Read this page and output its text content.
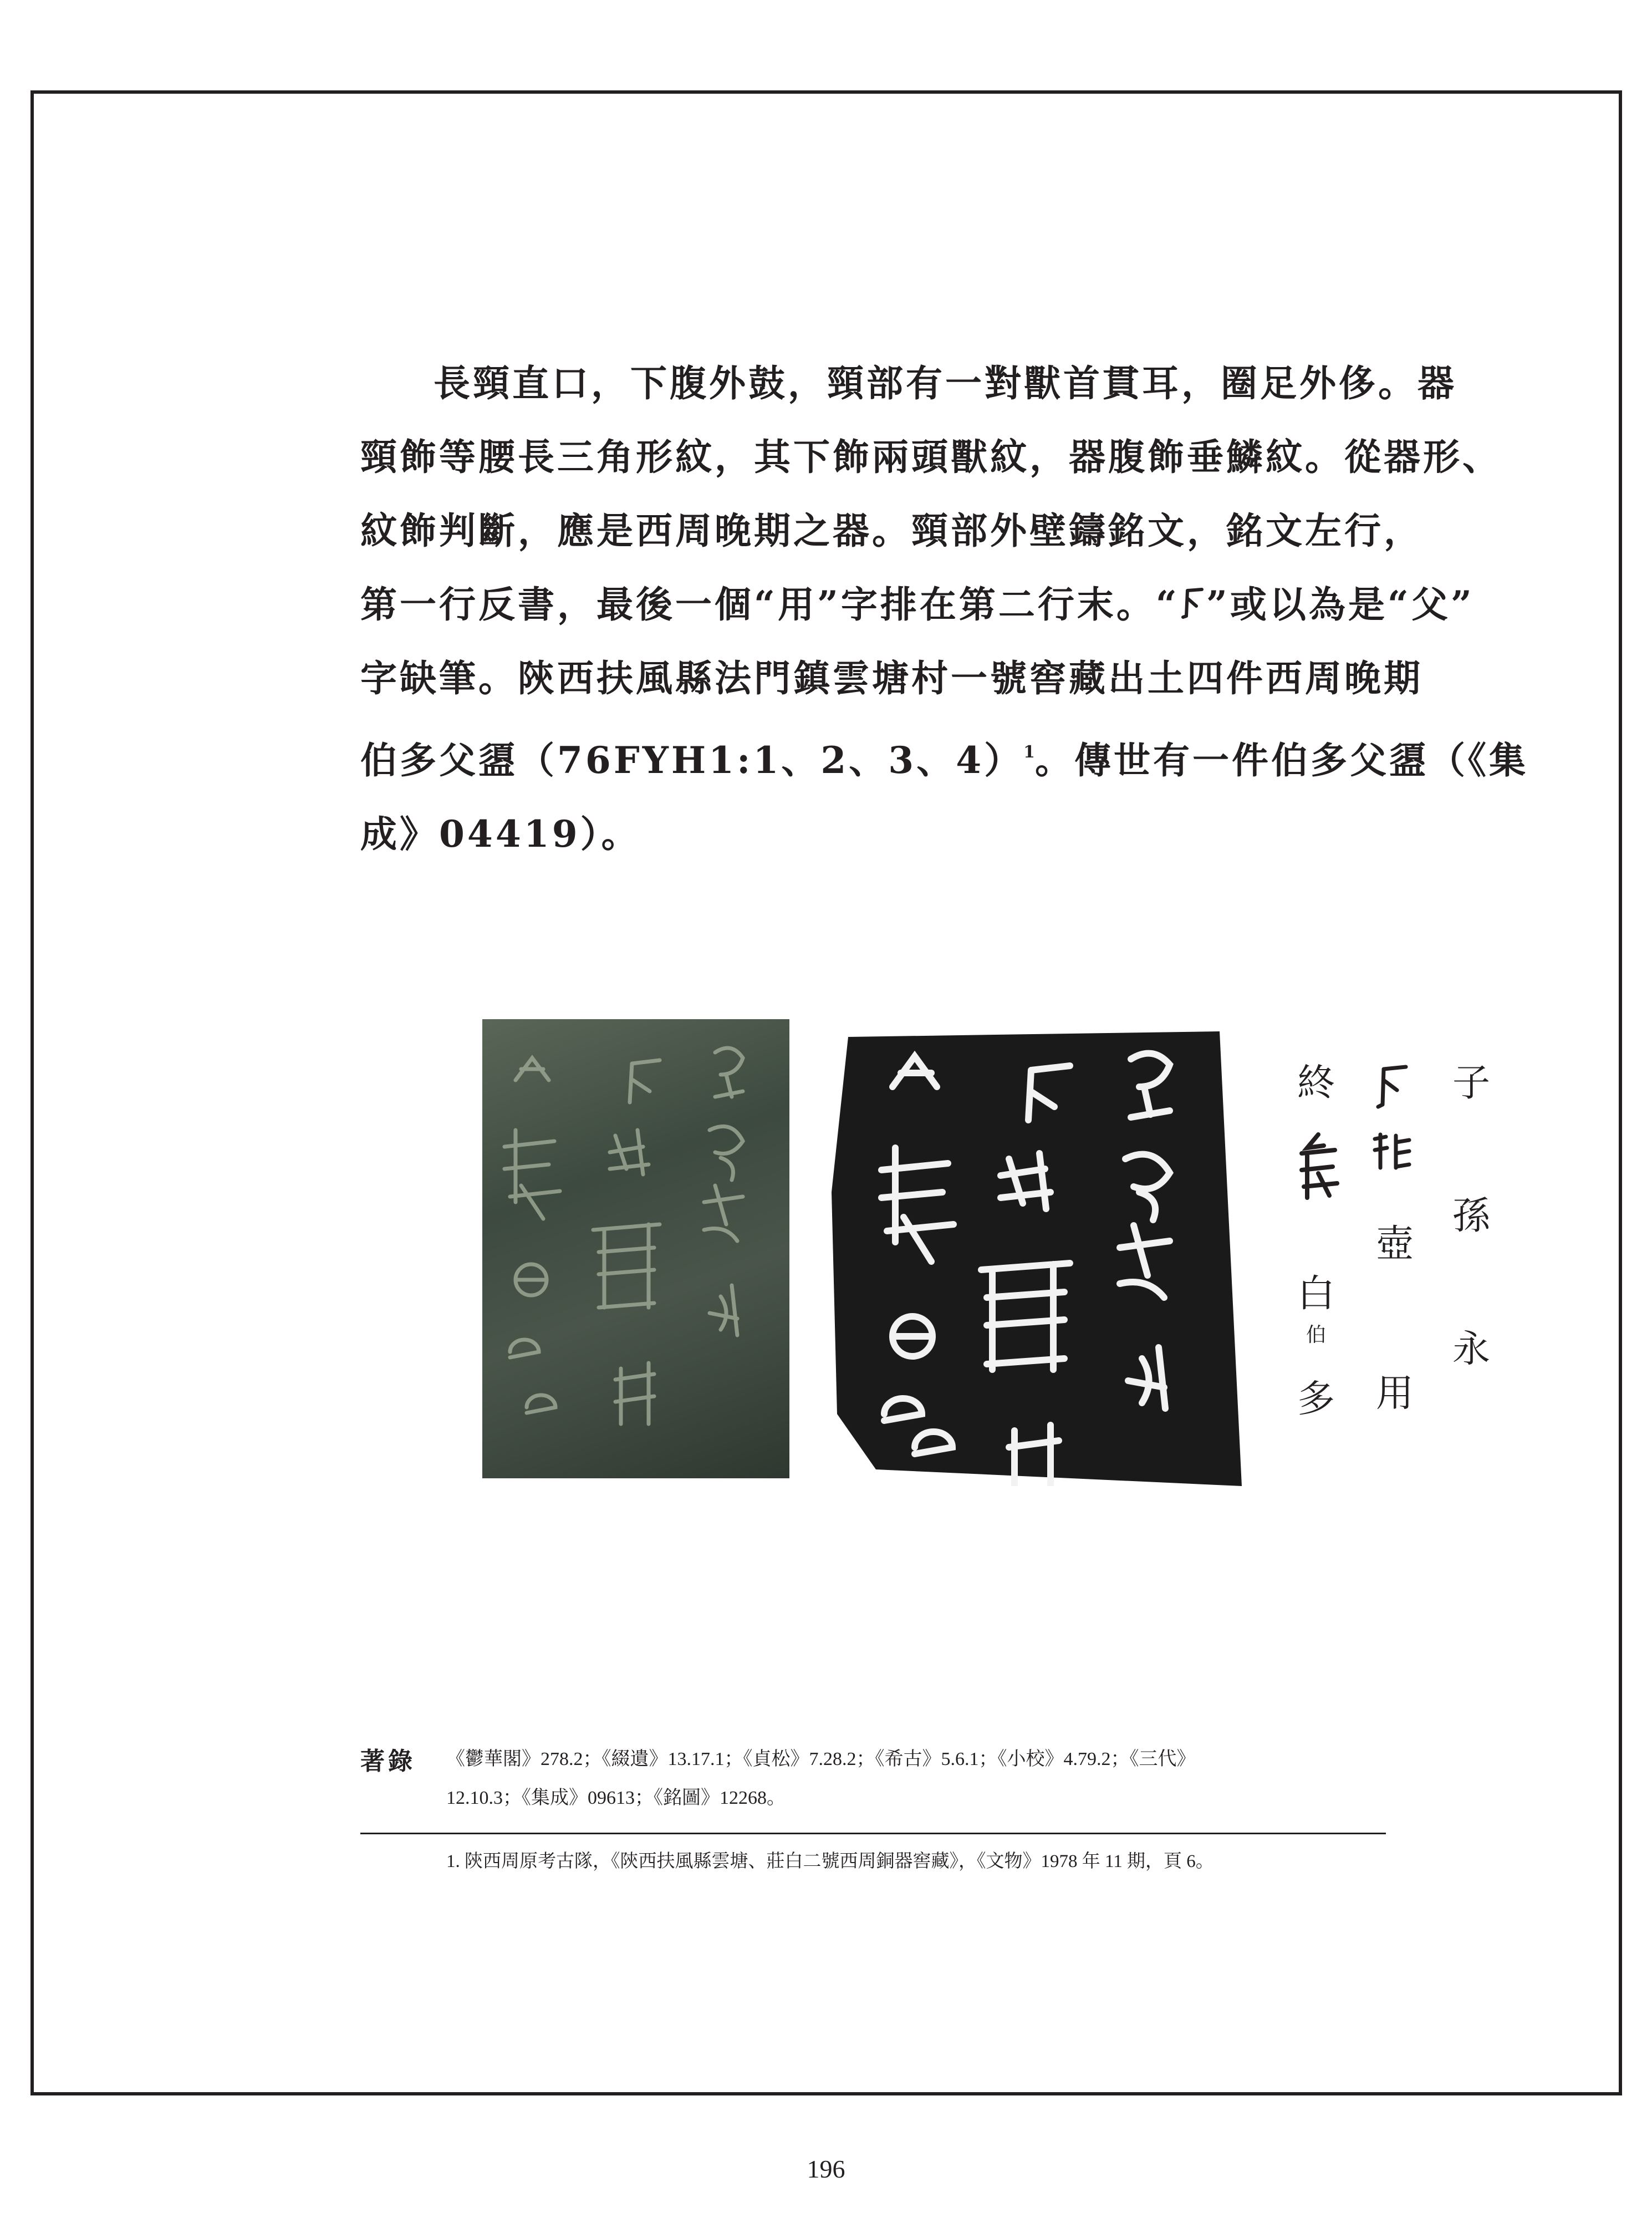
長頸直口，下腹外鼓，頸部有一對獸首貫耳，圈足外侈。器

頸飾等腰長三角形紋，其下飾兩頭獸紋，器腹飾垂鱗紋。從器形、

紋飾判斷，應是西周晚期之器。頸部外壁鑄銘文，銘文左行，

第一行反書，最後一個“用”字排在第二行末。“ ”或以為是“父”

字缺筆。陝西扶風縣法門鎮雲塘村一號窖藏出土四件西周晚期

伯多父盨（76FYH1:1、2、3、4）$^1$。傳世有一件伯多父盨（《集

成》04419）。

子
孫
永
壺
用
終
白
伯
多
著錄 《鬱華閣》278.2；《綴遺》13.17.1；《貞松》7.28.2；《希古》5.6.1；《小校》4.79.2；《三代》
12.10.3；《集成》09613；《銘圖》12268。
1. 陝西周原考古隊，《陝西扶風縣雲塘、莊白二號西周銅器窖藏》，《文物》1978 年 11 期，頁 6。
196
